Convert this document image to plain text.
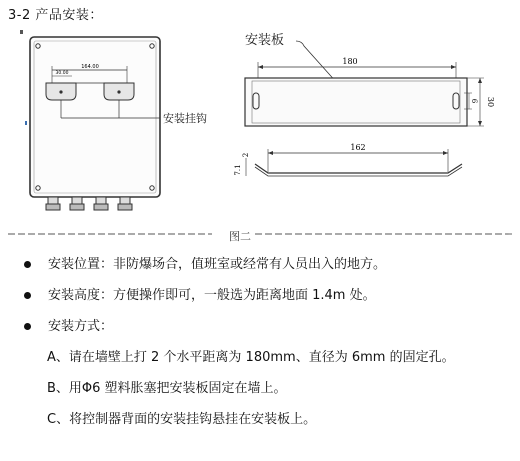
3-2 产品安装：
164.00
30.00
安装挂钩
安装板
180
30
6
162
7.1
2
图二
安装位置：非防爆场合，值班室或经常有人员出入的地方。
安装高度：方便操作即可，一般选为距离地面 1.4m 处。
安装方式：
A、请在墙壁上打 2 个水平距离为 180mm、直径为 6mm 的固定孔。
B、用Φ6 塑料胀塞把安装板固定在墙上。
C、将控制器背面的安装挂钩悬挂在安装板上。
